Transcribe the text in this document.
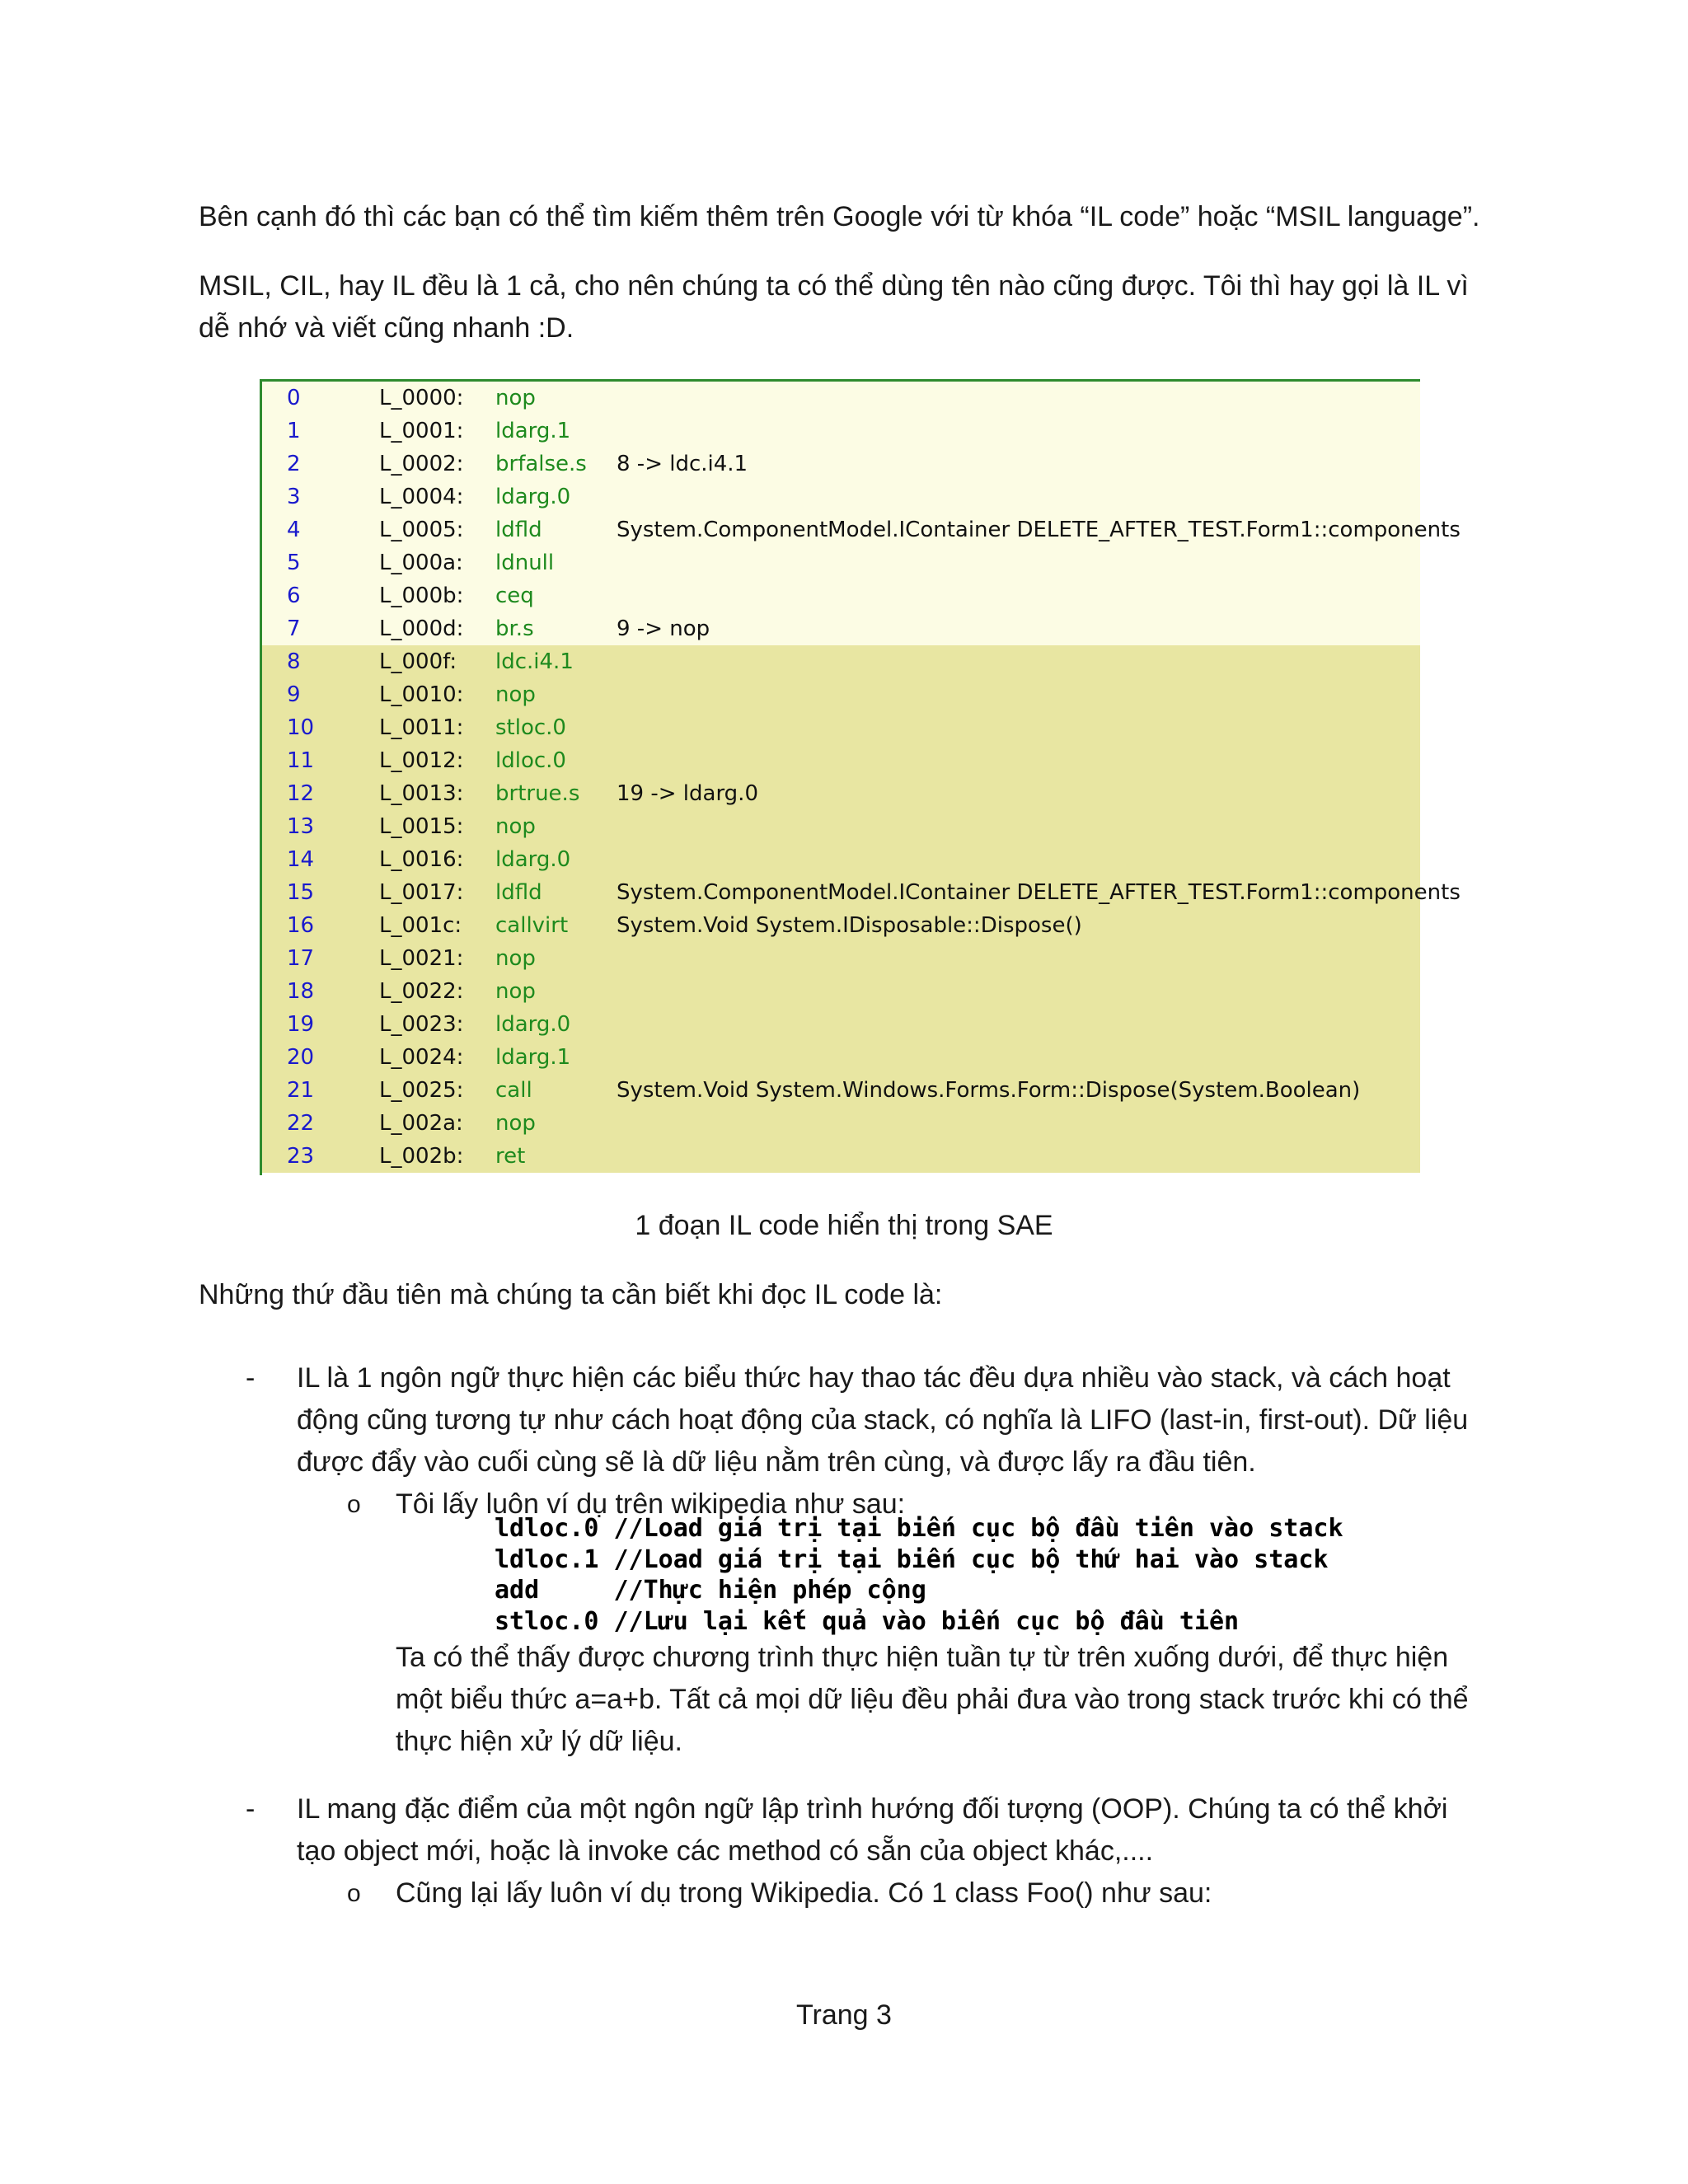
Bên cạnh đó thì các bạn có thể tìm kiếm thêm trên Google với từ khóa “IL code” hoặc “MSIL language”.

MSIL, CIL, hay IL đều là 1 cả, cho nên chúng ta có thể dùng tên nào cũng được. Tôi thì hay gọi là IL vì dễ nhớ và viết cũng nhanh :D.

0	L_0000: nop
1	L_0001: ldarg.1
2	L_0002: brfalse.s 8 -> ldc.i4.1
3	L_0004: ldarg.0
4	L_0005: ldfld	System.ComponentModel.IContainer DELETE_AFTER_TEST.Form1::components
5	L_000a: ldnull
6	L_000b: ceq
7	L_000d: br.s	9 -> nop
8	L_000f: ldc.i4.1
9	L_0010: nop
10	L_0011: stloc.0
11	L_0012: ldloc.0
12	L_0013: brtrue.s 19 -> ldarg.0
13	L_0015: nop
14	L_0016: ldarg.0
15	L_0017: ldfld	System.ComponentModel.IContainer DELETE_AFTER_TEST.Form1::components
16	L_001c: callvirt System.Void System.IDisposable::Dispose()
17	L_0021: nop
18	L_0022: nop
19	L_0023: ldarg.0
20	L_0024: ldarg.1
21	L_0025: call	System.Void System.Windows.Forms.Form::Dispose(System.Boolean)
22	L_002a: nop
23	L_002b: ret

1 đoạn IL code hiển thị trong SAE

Những thứ đầu tiên mà chúng ta cần biết khi đọc IL code là:

- IL là 1 ngôn ngữ thực hiện các biểu thức hay thao tác đều dựa nhiều vào stack, và cách hoạt động cũng tương tự như cách hoạt động của stack, có nghĩa là LIFO (last-in, first-out). Dữ liệu được đẩy vào cuối cùng sẽ là dữ liệu nằm trên cùng, và được lấy ra đầu tiên.

o Tôi lấy luôn ví dụ trên wikipedia như sau:

ldloc.0 //Load giá trị tại biến cục bộ đầu tiên vào stack
ldloc.1 //Load giá trị tại biến cục bộ thứ hai vào stack
add     //Thực hiện phép cộng
stloc.0 //Lưu lại kết quả vào biến cục bộ đầu tiên

Ta có thể thấy được chương trình thực hiện tuần tự từ trên xuống dưới, để thực hiện một biểu thức a=a+b. Tất cả mọi dữ liệu đều phải đưa vào trong stack trước khi có thể thực hiện xử lý dữ liệu.

- IL mang đặc điểm của một ngôn ngữ lập trình hướng đối tượng (OOP). Chúng ta có thể khởi tạo object mới, hoặc là invoke các method có sẵn của object khác,....

o Cũng lại lấy luôn ví dụ trong Wikipedia. Có 1 class Foo() như sau:

Trang 3
